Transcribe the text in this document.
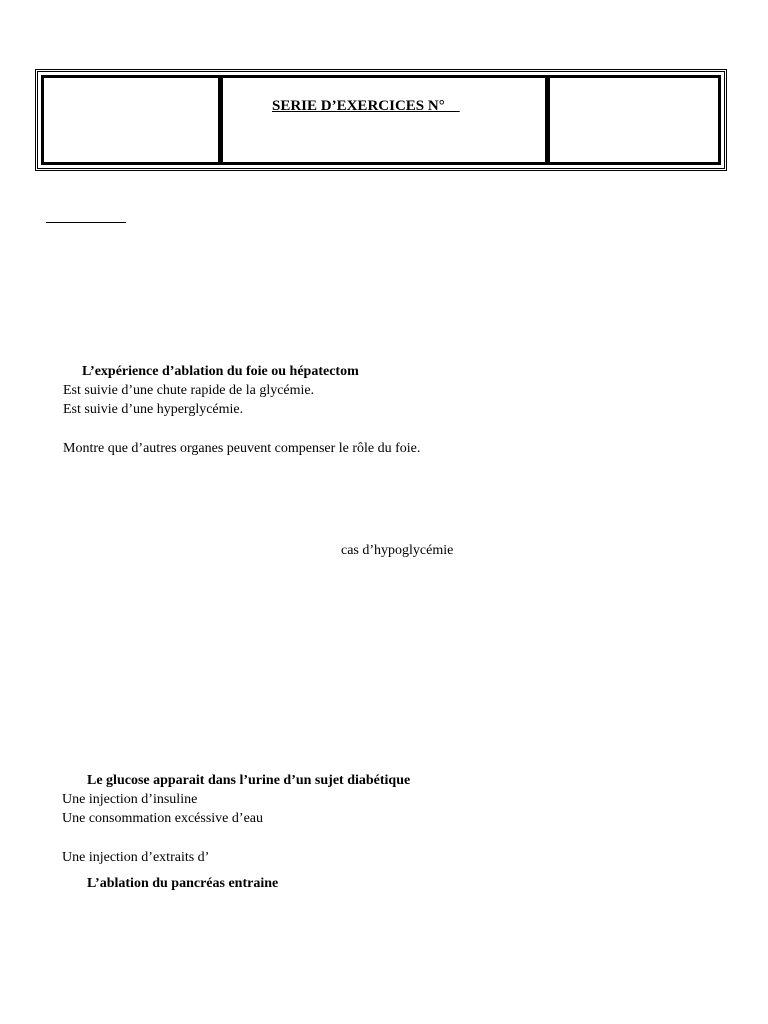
SERIE D’EXERCICES N°
L’expérience d’ablation du foie ou hépatectom
Est suivie d’une chute rapide de la glycémie.
Est suivie d’une hyperglycémie.
Montre que d’autres organes peuvent compenser le rôle du foie.
cas d’hypoglycémie
Le glucose apparait dans l’urine d’un sujet diabétique
Une injection d’insuline
Une consommation excéssive d’eau
Une injection d’extraits d’
L’ablation du pancréas entraine
